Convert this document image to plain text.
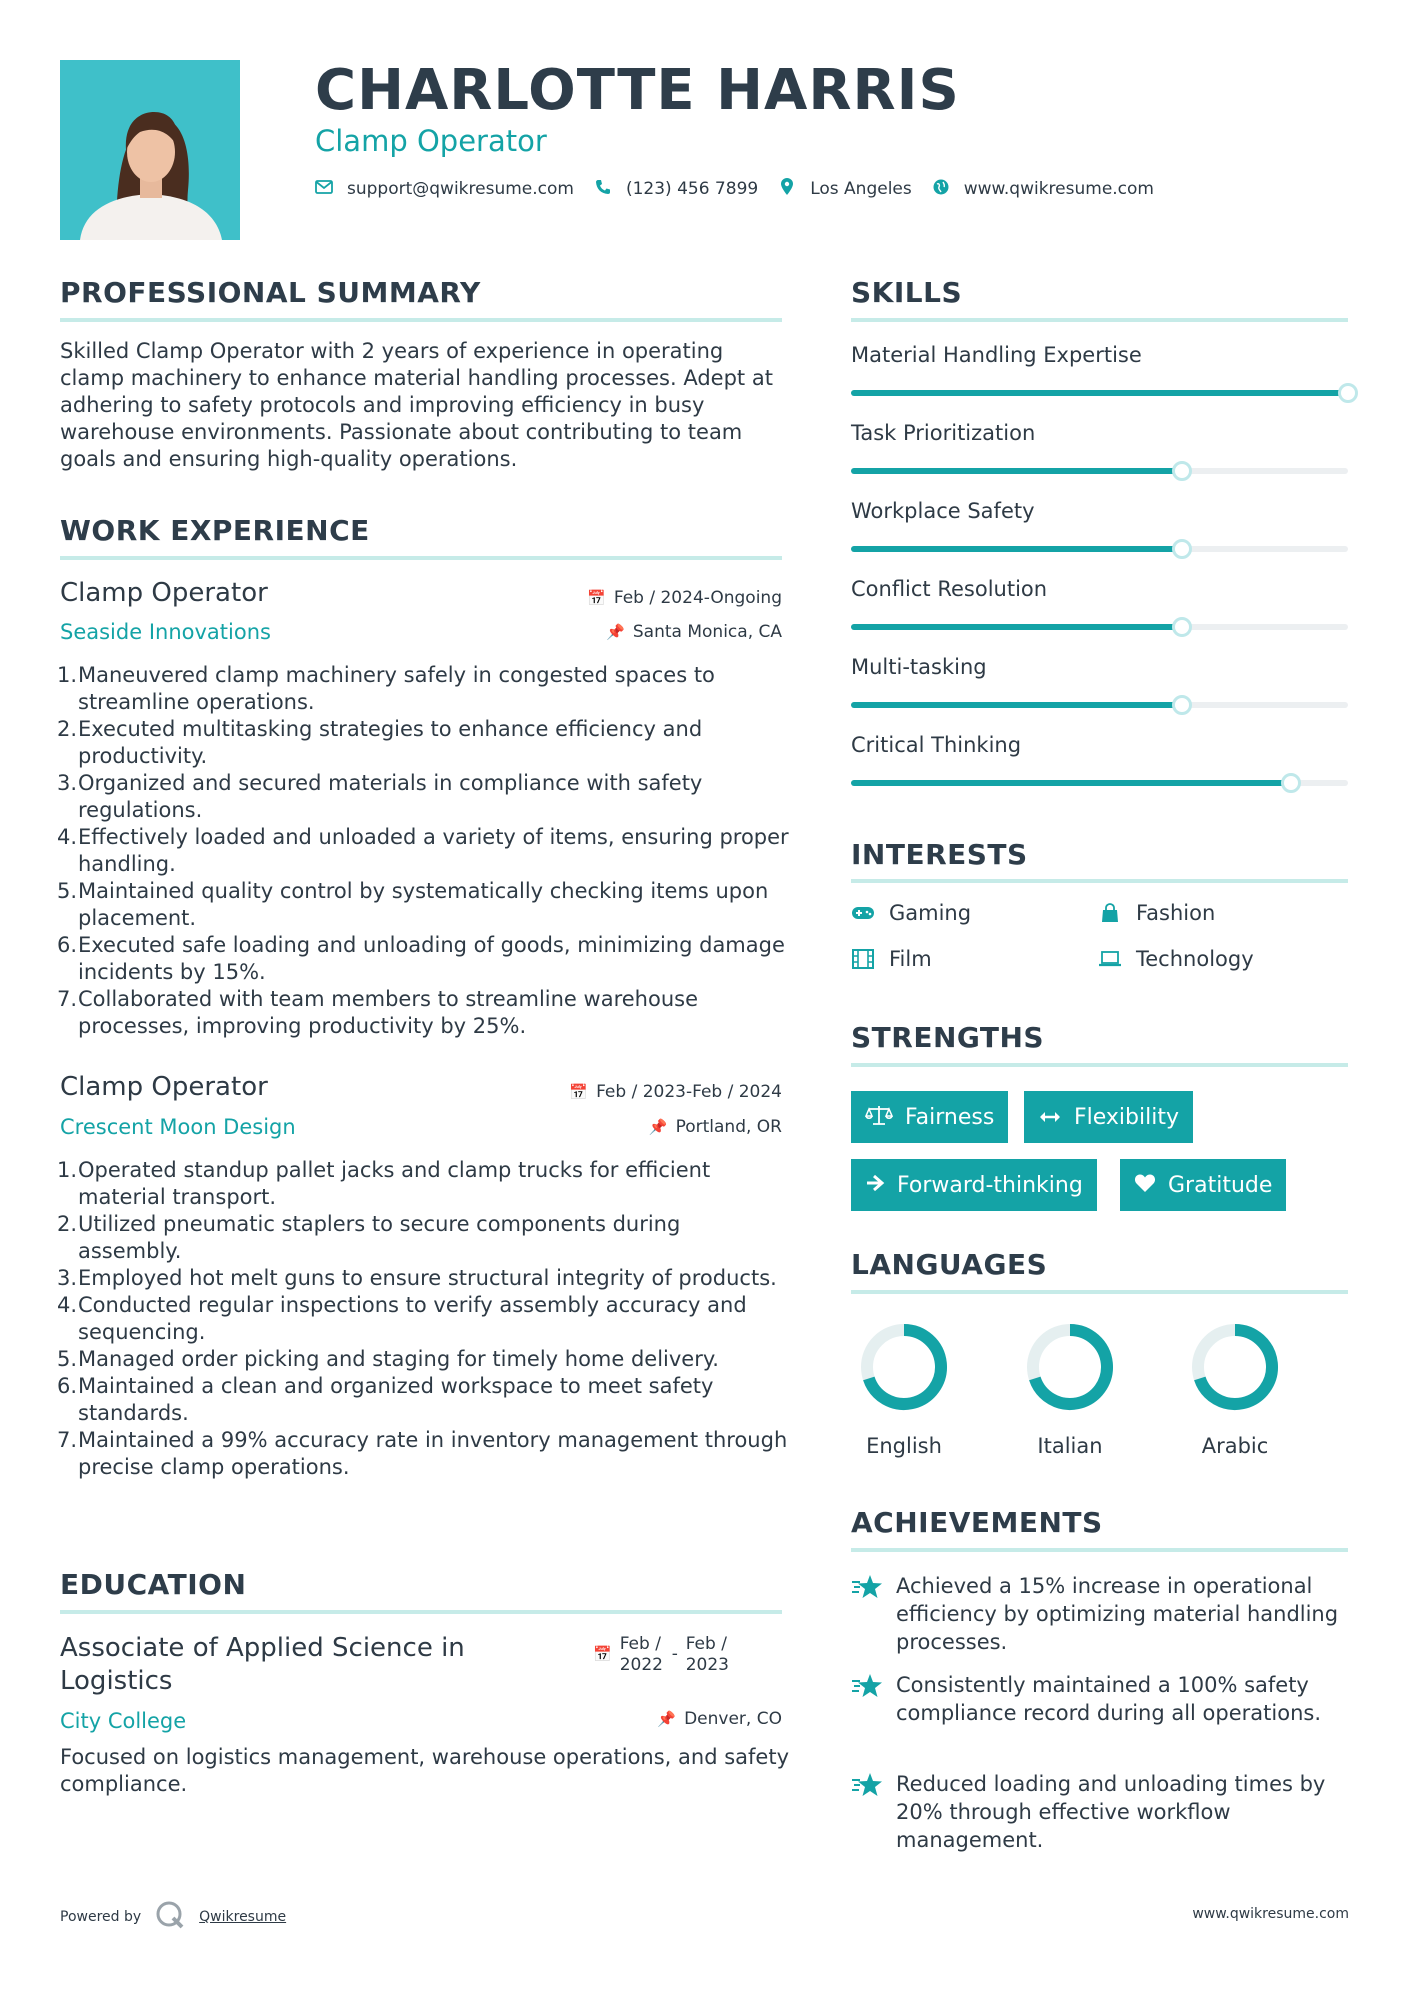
CHARLOTTE HARRIS
Clamp Operator
support@qwikresume.com	(123) 456 7899	Los Angeles	www.qwikresume.com
PROFESSIONAL SUMMARY
Skilled Clamp Operator with 2 years of experience in operating clamp machinery to enhance material handling processes. Adept at adhering to safety protocols and improving efficiency in busy warehouse environments. Passionate about contributing to team goals and ensuring high-quality operations.
WORK EXPERIENCE
Clamp Operator	📅 Feb / 2024-Ongoing
Seaside Innovations	📌 Santa Monica, CA
1. Maneuvered clamp machinery safely in congested spaces to streamline operations.
2. Executed multitasking strategies to enhance efficiency and productivity.
3. Organized and secured materials in compliance with safety regulations.
4. Effectively loaded and unloaded a variety of items, ensuring proper handling.
5. Maintained quality control by systematically checking items upon placement.
6. Executed safe loading and unloading of goods, minimizing damage incidents by 15%.
7. Collaborated with team members to streamline warehouse processes, improving productivity by 25%.
Clamp Operator	📅 Feb / 2023-Feb / 2024
Crescent Moon Design	📌 Portland, OR
1. Operated standup pallet jacks and clamp trucks for efficient material transport.
2. Utilized pneumatic staplers to secure components during assembly.
3. Employed hot melt guns to ensure structural integrity of products.
4. Conducted regular inspections to verify assembly accuracy and sequencing.
5. Managed order picking and staging for timely home delivery.
6. Maintained a clean and organized workspace to meet safety standards.
7. Maintained a 99% accuracy rate in inventory management through precise clamp operations.
EDUCATION
Associate of Applied Science in Logistics
📅 Feb / 2022
- Feb / 2023
City College	📌 Denver, CO
Focused on logistics management, warehouse operations, and safety compliance.
SKILLS
Material Handling Expertise
Task Prioritization
Workplace Safety
Conflict Resolution
Multi-tasking
Critical Thinking
INTERESTS
Gaming	Fashion
Film	Technology
STRENGTHS
Fairness	Flexibility
Forward-thinking	Gratitude
LANGUAGES
English	Italian	Arabic
ACHIEVEMENTS
Achieved a 15% increase in operational efficiency by optimizing material handling processes.
Consistently maintained a 100% safety compliance record during all operations.
Reduced loading and unloading times by 20% through effective workflow management.
Powered by	Qwikresume	www.qwikresume.com
